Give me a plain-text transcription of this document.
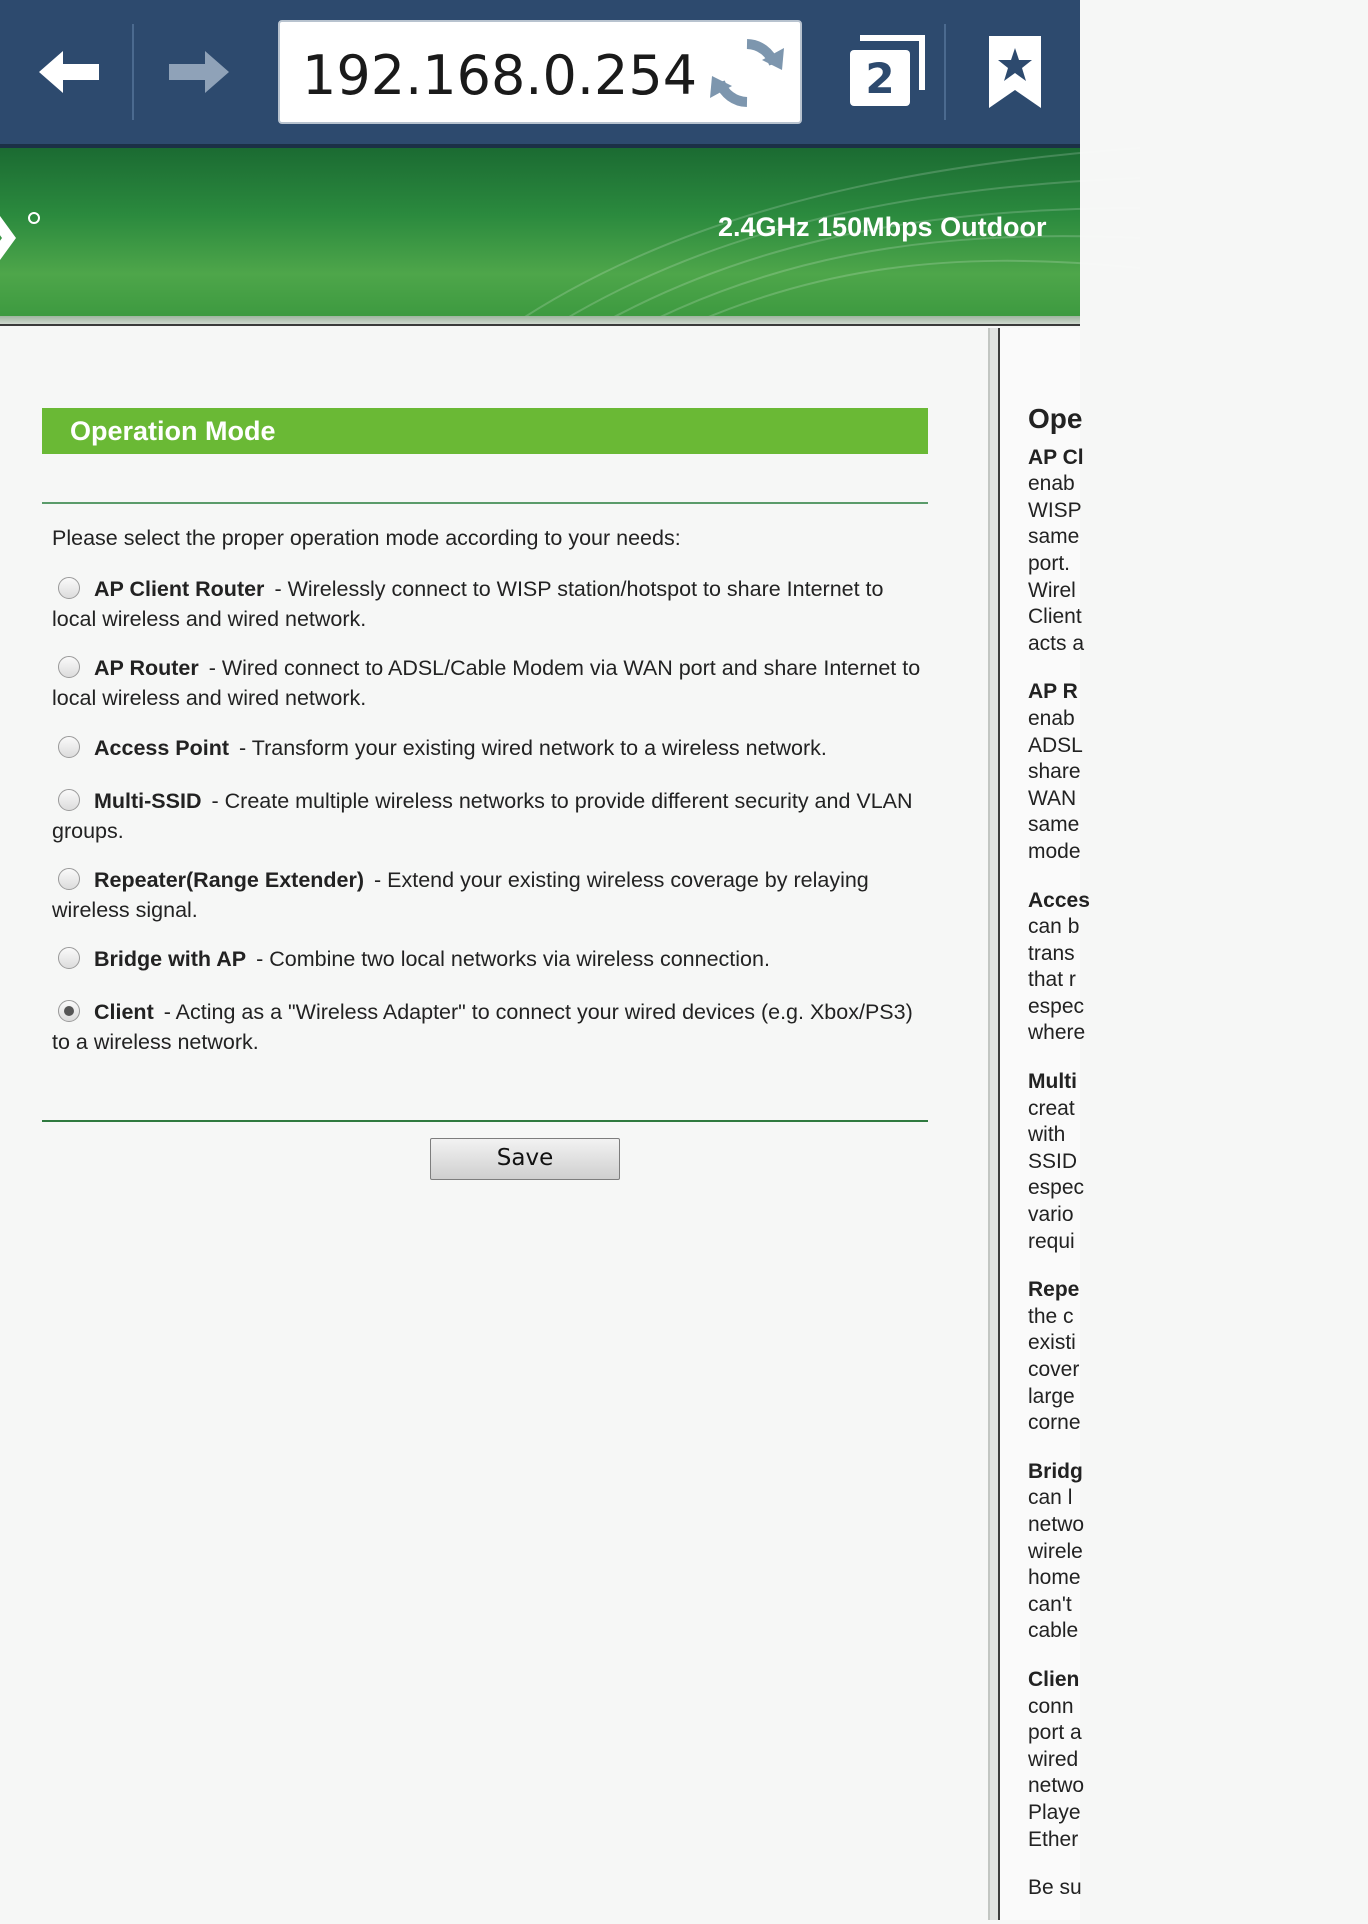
192.168.0.254	2
2.4GHz 150Mbps Outdoor
Operation Mode
Please select the proper operation mode according to your needs:
AP Client Router - Wirelessly connect to WISP station/hotspot to share Internet to local wireless and wired network.
AP Router - Wired connect to ADSL/Cable Modem via WAN port and share Internet to local wireless and wired network.
Access Point - Transform your existing wired network to a wireless network.
Multi-SSID - Create multiple wireless networks to provide different security and VLAN groups.
Repeater(Range Extender) - Extend your existing wireless coverage by relaying wireless signal.
Bridge with AP - Combine two local networks via wireless connection.
Client - Acting as a "Wireless Adapter" to connect your wired devices (e.g. Xbox/PS3) to a wireless network.
Save
Ope
AP Cl
enab
WISP
same
port.
Wirel
Client
acts a
AP R
enab
ADSL
share
WAN
same
mode
Acces
can b
trans
that r
espec
where
Multi
creat
with
SSID
espec
vario
requi
Repe
the c
existi
cover
large
corne
Bridg
can l
netwo
wirele
home
can't
cable
Clien
conn
port a
wired
netwo
Playe
Ether
Be su
